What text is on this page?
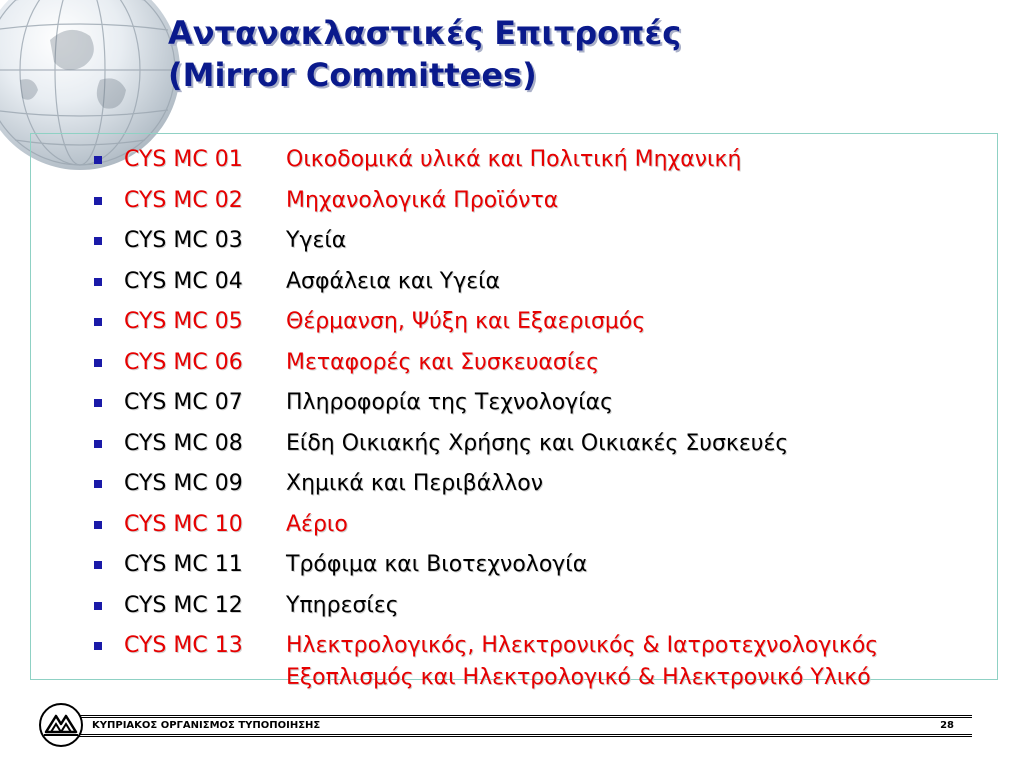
Αντανακλαστικές Επιτροπές
(Mirror Committees)
CYS MC 01 Οικοδομικά υλικά και Πολιτική Μηχανική
CYS MC 02 Μηχανολογικά Προϊόντα
CYS MC 03 Υγεία
CYS MC 04 Ασφάλεια και Υγεία
CYS MC 05 Θέρμανση, Ψύξη και Εξαερισμός
CYS MC 06 Μεταφορές και Συσκευασίες
CYS MC 07 Πληροφορία της Τεχνολογίας
CYS MC 08 Είδη Οικιακής Χρήσης και Οικιακές Συσκευές
CYS MC 09 Χημικά και Περιβάλλον
CYS MC 10 Αέριο
CYS MC 11 Τρόφιμα και Βιοτεχνολογία
CYS MC 12 Υπηρεσίες
CYS MC 13 Ηλεκτρολογικός, Ηλεκτρονικός & Ιατροτεχνολογικός
Εξοπλισμός και Ηλεκτρολογικό & Ηλεκτρονικό Υλικό
ΚΥΠΡΙΑΚΟΣ ΟΡΓΑΝΙΣΜΟΣ ΤΥΠΟΠΟΙΗΣΗΣ	28
